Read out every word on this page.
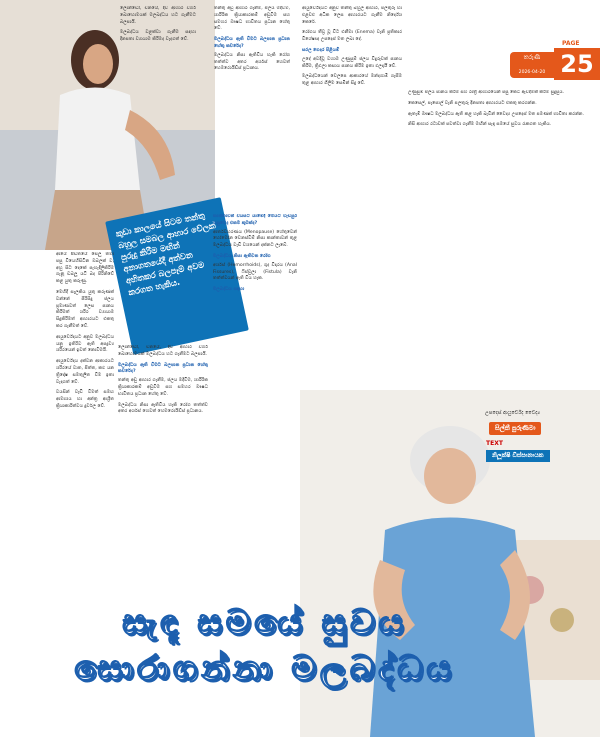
කුඩා කාලයේ සිටම තන්තු බහුල සමබල ආහාර වේලක් පුරුදු කිරීම මඟින් අනාගතයේදී අත්වන අහිතකර බලපෑම් අවම කරගත හැකිය.

ආයේ පීඩිතයේ සෙලු තමා පසු වියෙහිසිටින ඔබලක් ව, අහු සිට දෙකේ පැහැදිලිකිරීම ගැනූ ඩබලූ යටී බද පිරිනිවේ කළ යුතු කරුණු.

මෙහිදී සැලකිය යුතු කරුණක් වන්නේ පිරිසිදු ජලය ප්‍රමාණවත් ලෙස පානය කිරීමත් ශරීර ව්‍යායාම සිදුකිරීමත් ආහාරයට එකතු කර ගැනීමත් වේ.

ආයුර්වේදයට අනුව මලබද්ධය යනු ඉතිරිව ඇති අපද්‍රව්‍ය ශරීරයෙන් ඉවත් නොවීමයි.

ආයුර්වේදය දක්වන ආකාරයට ශරීරයේ වාත, පිත්ත, කඵ යන ත්‍රිදෝෂ සමතුලිත වීම ඉතා වැදගත් වේ.

වයසින් වැඩි වීමත් සමඟ ආමාශය හා අන්ත්‍ර ආශ්‍රිත ක්‍රියාකාරිත්වය දුර්වල වේ.

ලොන්ඩෝ, චීනයේ, දිවි ආහාර වර්ග බොහොමයක් මලබද්ධය හට ගැනීමට බලපායි.

මලබද්ධය වළක්වා ගැනීම සඳහා දිනපතා ව්‍යායාම කිරීමද වැදගත් වේ.

තන්තු අඩු ආහාර ගැනීම, ජලය මදිවීම, ශාරීරික ක්‍රියාකාරකම් අඩුවීම සහ සමහර ඖෂධ භාවිතය ප්‍රධාන හේතු වේ.

මලබද්ධය ඇති වීමට බලපාන ප්‍රධාන හේතු කවරේද?

මලබද්ධය නිසා ඇතිවිය හැකි රෝග තත්ත්ව අතර අර්ශස් හෙවත් හෙමරොයිඩ්ස් ප්‍රධානය.

ලොන්ඩෝ, චීනයේ, දිවි ආහාර වර්ග බොහොමයක් මලබද්ධය හට ගැනීමට බලපායි.

මලබද්ධය ඇති වීමට බලපාන ප්‍රධාන හේතු කවරේද?

තන්තු අඩු ආහාර ගැනීම, ජලය මදිවීම, ශාරීරික ක්‍රියාකාරකම් අඩුවීම සහ සමහර ඖෂධ භාවිතය ප්‍රධාන හේතු වේ.

මලබද්ධය නිසා ඇතිවිය හැකි රෝග තත්ත්ව අතර අර්ශස් හෙවත් හෙමරොයිඩ්ස් ප්‍රධානය.

කාන්තාවන් වයසට යාමේදී මෙයට වැඩිපුර හසුවෙද එකම කුමක්ද?

ආර්තවහරණය (Menopause) හේතුවෙන් හෝමෝන වෙනස්වීම් නිසා කාන්තාවන් තුළ මලබද්ධය වැඩි වශයෙන් දක්නට ලැබේ.

මලබද්ධය නිසා ඇතිවන රෝග

අර්ශස් (Hemorrhoids), ගුද විදාරය (Anal Fissures), ෆිස්චුලා (Fistula) වැනි තත්ත්වයන් ඇති විය හැක.

මලබද්ධය සඳහා

ආයුර්වේදයට අනුව තන්තු බහුල ආහාර, පලතුරු හා එළවළු අධික ලෙස ආහාරයට ගැනීම නිර්දේශ කෙරේ.

රෝගය තීව්‍ර වූ විට එනීමා (Enema) වැනි ප්‍රතිකාර විශේෂඥ උපදෙස් මත ලබා දේ.

සරල ගෙදර පිළියම්

උදේ අවදිවූ වහාම උණුසුම් ජලය වීදුරුවක් පානය කිරීම, ත්‍රිඵලා කසාය පානය කිරීම ඉතා ඵලදායී වේ.

මලබද්ධයෙන් වෙලපෙ ආකාරයේ මන්දගාමී ගැසීම තුළ ආහාර ගිලීම සෙමින් සිදු වේ.

උණුසුම් ජලය පානය කිරීම සහ රාත්‍රී ආහාරයෙන් පසු කෙටි ඇවිදීමක් කිරීම සුදුසුය.

කෙසෙල්, පැපොල් වැනි පලතුරු දිනපතා ආහාරයට එකතු කරගන්න.

ඇතැම් ඖෂධ මලබද්ධය ඇති කළ හැකි බැවින් වෛද්‍ය උපදෙස් මත පමණක් භාවිතා කරන්න.

නිසි ආහාර රටාවක් පවත්වා ගැනීම මඟින් සැඳෑ සමයේ සුවය රැකගත හැකිය.

තරුණී
2026-04-20 25
PAGE
උපදෙස් ආයුර්වේද වෛද්‍ය
සිල්කී පුරුණිමා
TEXT
නිලූක්ෂි ඩිස්සානායක
සැඳෑ සමයේ සුවය
සොරාගන්නා මලබද්ධය
